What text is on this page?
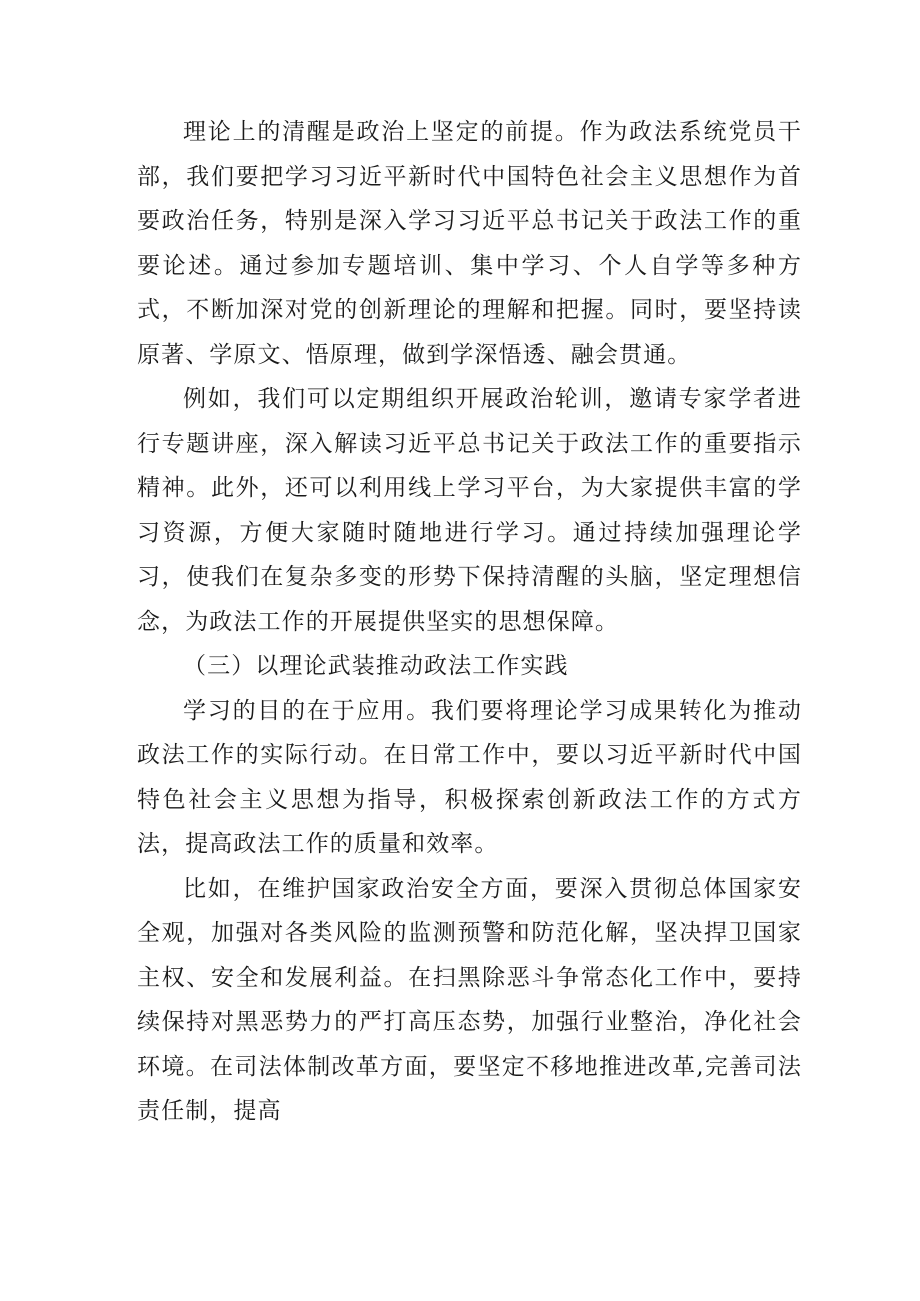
理论上的清醒是政治上坚定的前提。作为政法系统党员干部，我们要把学习习近平新时代中国特色社会主义思想作为首要政治任务，特别是深入学习习近平总书记关于政法工作的重要论述。通过参加专题培训、集中学习、个人自学等多种方式，不断加深对党的创新理论的理解和把握。同时，要坚持读原著、学原文、悟原理，做到学深悟透、融会贯通。

例如，我们可以定期组织开展政治轮训，邀请专家学者进行专题讲座，深入解读习近平总书记关于政法工作的重要指示精神。此外，还可以利用线上学习平台，为大家提供丰富的学习资源，方便大家随时随地进行学习。通过持续加强理论学习，使我们在复杂多变的形势下保持清醒的头脑，坚定理想信念，为政法工作的开展提供坚实的思想保障。

（三）以理论武装推动政法工作实践

学习的目的在于应用。我们要将理论学习成果转化为推动政法工作的实际行动。在日常工作中，要以习近平新时代中国特色社会主义思想为指导，积极探索创新政法工作的方式方法，提高政法工作的质量和效率。

比如，在维护国家政治安全方面，要深入贯彻总体国家安全观，加强对各类风险的监测预警和防范化解，坚决捍卫国家主权、安全和发展利益。在扫黑除恶斗争常态化工作中，要持续保持对黑恶势力的严打高压态势，加强行业整治，净化社会环境。在司法体制改革方面，要坚定不移地推进改革,完善司法责任制，提高
